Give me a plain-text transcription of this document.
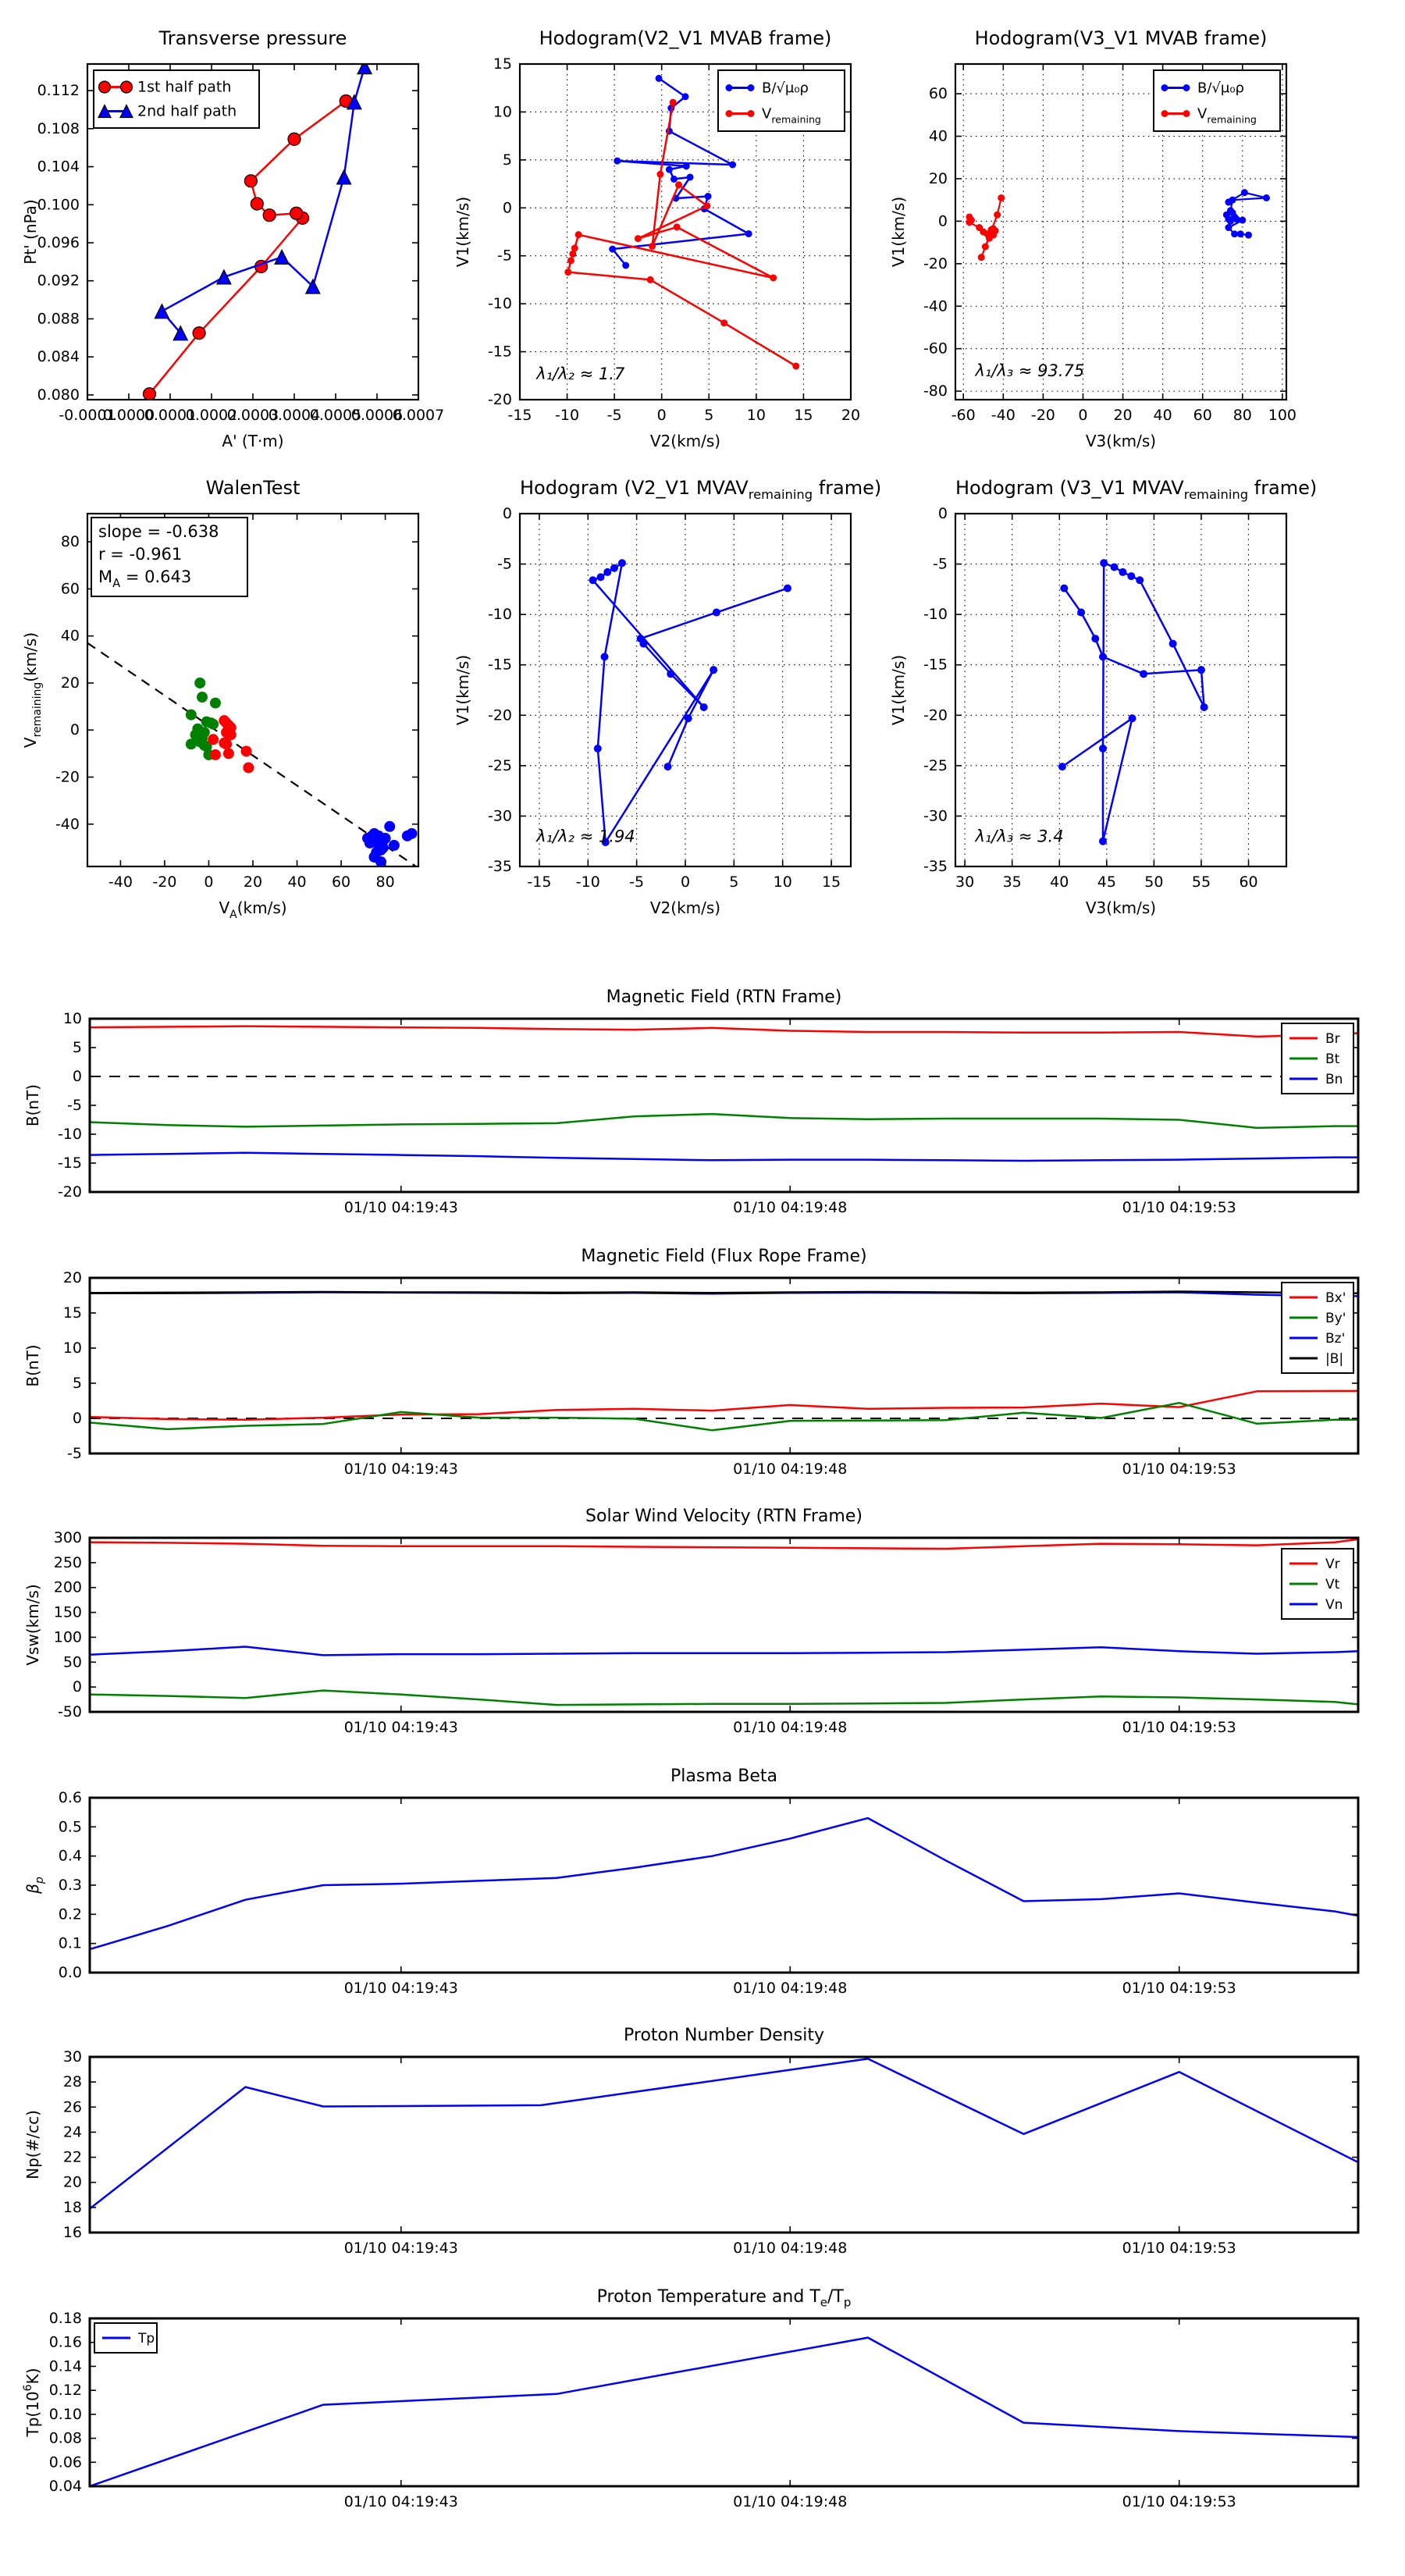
Transverse pressure	Hodogram(V2_V1 MVAB frame)	Hodogram(V3_V1 MVAB frame)
WalenTest	Hodogram (V2_V1 $MVAV_{remaining}$ frame)	Hodogram (V3_V1 $MVAV_{remaining}$ frame)
Magnetic Field (RTN Frame)
Magnetic Field (Flux Rope Frame)
Solar Wind Velocity (RTN Frame)
Plasma Beta
Proton Number Density
Proton Temperature and $T_e/T_p$
-0.0001
0.0000
0.0001
0.0002
0.0003
0.0004
0.0005
0.0006
0.0007
0.080
0.084
0.088
0.092
0.096
0.100
0.104
0.108
0.112
A' (T·m)
Pt' (nPa)
1st half path
2nd half path
-15 -10 -5 0	5 10 15 20
-20
-15
-10
-5
0
5
10
15
V2(km/s)
V1(km/s)
B/√μ₀ρ
$V_{remaining}$
λ₁/λ₂ ≈ 1.7
-60 -40 -20 0 20 40 60 80 100
-80
-60
-40
-20
0
20
40
60
V3(km/s)
V1(km/s)
B/√μ₀ρ
$V_{remaining}$
λ₁/λ₃ ≈ 93.75
-40 -20 0 20 40 60 80
-40
-20
0
20
40
60
80
$V_A(km/s)$
$V_{remaining}(km/s)$
slope = -0.638
r = -0.961
$M_A = 0.643$
-15 -10 -5 0	5 10 15
-35
-30
-25
-20
-15
-10
-5
0
V2(km/s)
V1(km/s)
λ₁/λ₂ ≈ 1.94
30 35 40 45 50 55 60
-35
-30
-25
-20
-15
-10
-5
0
V3(km/s)
V1(km/s)
λ₁/λ₃ ≈ 3.4
01/10 04:19:43	01/10 04:19:48	01/10 04:19:53
-20
-15
-10
-5
0
5
10
B(nT)
Br
Bt
Bn
01/10 04:19:43	01/10 04:19:48	01/10 04:19:53
-5
0
5
10
15
20
B(nT)
Bx'
By'
Bz'
|B|
01/10 04:19:43	01/10 04:19:48	01/10 04:19:53
-50
0
50
100
150
200
250
300
Vsw(km/s)
Vr
Vt
Vn
01/10 04:19:43	01/10 04:19:48	01/10 04:19:53
0.0
0.1
0.2
0.3
0.4
0.5
0.6
$\beta_p$
01/10 04:19:43	01/10 04:19:48	01/10 04:19:53
16
18
20
22
24
26
28
30
Np(#/cc)
01/10 04:19:43	01/10 04:19:48	01/10 04:19:53
0.04
0.06
0.08
0.10
0.12
0.14
0.16
0.18
$Tp(10^6K)$
Tp
